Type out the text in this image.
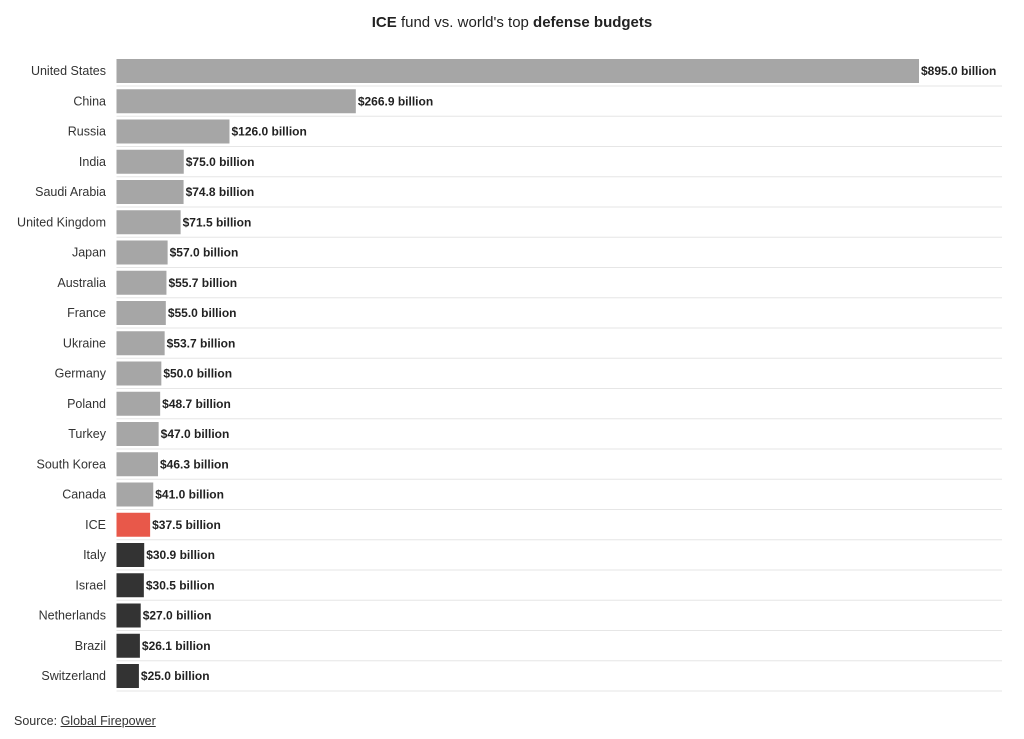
ICE fund vs. world's top defense budgets
United States
China
Russia
India
Saudi Arabia
United Kingdom
Japan
Australia
France
Ukraine
Germany
Poland
Turkey
South Korea
Canada
ICE
Italy
Israel
Netherlands
Brazil
Switzerland
$895.0 billion
$266.9 billion
$126.0 billion
$75.0 billion
$74.8 billion
$71.5 billion
$57.0 billion
$55.7 billion
$55.0 billion
$53.7 billion
$50.0 billion
$48.7 billion
$47.0 billion
$46.3 billion
$41.0 billion
$37.5 billion
$30.9 billion
$30.5 billion
$27.0 billion
$26.1 billion
$25.0 billion
Source: Global Firepower
